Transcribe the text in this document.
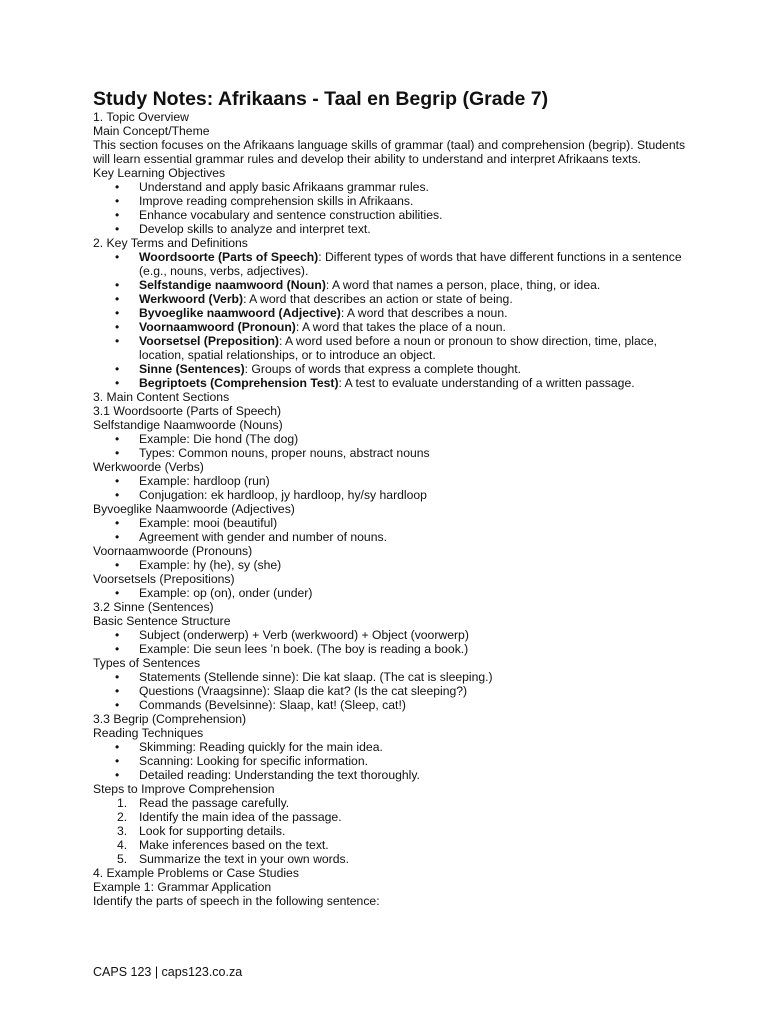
Study Notes: Afrikaans - Taal en Begrip (Grade 7)

1. Topic Overview

Main Concept/Theme

This section focuses on the Afrikaans language skills of grammar (taal) and comprehension (begrip). Students will learn essential grammar rules and develop their ability to understand and interpret Afrikaans texts.

Key Learning Objectives

• Understand and apply basic Afrikaans grammar rules.
• Improve reading comprehension skills in Afrikaans.
• Enhance vocabulary and sentence construction abilities.
• Develop skills to analyze and interpret text.

2. Key Terms and Definitions

• Woordsoorte (Parts of Speech): Different types of words that have different functions in a sentence (e.g., nouns, verbs, adjectives).
• Selfstandige naamwoord (Noun): A word that names a person, place, thing, or idea.
• Werkwoord (Verb): A word that describes an action or state of being.
• Byvoeglike naamwoord (Adjective): A word that describes a noun.
• Voornaamwoord (Pronoun): A word that takes the place of a noun.
• Voorsetsel (Preposition): A word used before a noun or pronoun to show direction, time, place, location, spatial relationships, or to introduce an object.
• Sinne (Sentences): Groups of words that express a complete thought.
• Begriptoets (Comprehension Test): A test to evaluate understanding of a written passage.

3. Main Content Sections

3.1 Woordsoorte (Parts of Speech)

Selfstandige Naamwoorde (Nouns)

• Example: Die hond (The dog)
• Types: Common nouns, proper nouns, abstract nouns

Werkwoorde (Verbs)

• Example: hardloop (run)
• Conjugation: ek hardloop, jy hardloop, hy/sy hardloop

Byvoeglike Naamwoorde (Adjectives)

• Example: mooi (beautiful)
• Agreement with gender and number of nouns.

Voornaamwoorde (Pronouns)

• Example: hy (he), sy (she)

Voorsetsels (Prepositions)

• Example: op (on), onder (under)

3.2 Sinne (Sentences)

Basic Sentence Structure

• Subject (onderwerp) + Verb (werkwoord) + Object (voorwerp)
• Example: Die seun lees ’n boek. (The boy is reading a book.)

Types of Sentences

• Statements (Stellende sinne): Die kat slaap. (The cat is sleeping.)
• Questions (Vraagsinne): Slaap die kat? (Is the cat sleeping?)
• Commands (Bevelsinne): Slaap, kat! (Sleep, cat!)

3.3 Begrip (Comprehension)

Reading Techniques

• Skimming: Reading quickly for the main idea.
• Scanning: Looking for specific information.
• Detailed reading: Understanding the text thoroughly.

Steps to Improve Comprehension

Read the passage carefully.
Identify the main idea of the passage.
Look for supporting details.
Make inferences based on the text.
Summarize the text in your own words.

4. Example Problems or Case Studies

Example 1: Grammar Application

Identify the parts of speech in the following sentence:

CAPS 123 | caps123.co.za
